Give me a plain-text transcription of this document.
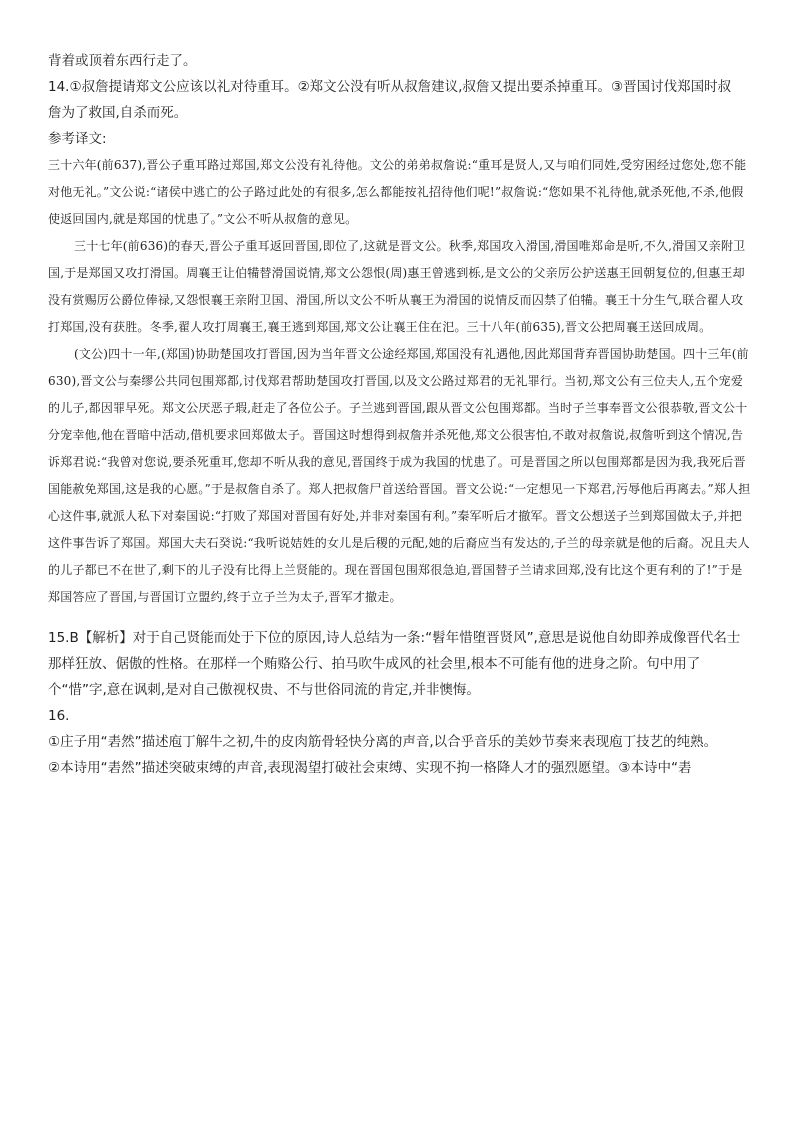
背着或顶着东西行走了。

14.①叔詹提请郑文公应该以礼对待重耳。②郑文公没有听从叔詹建议,叔詹又提出要杀掉重耳。③晋国讨伐郑国时叔

詹为了救国,自杀而死。

参考译文:

三十六年(前637),晋公子重耳路过郑国,郑文公没有礼待他。文公的弟弟叔詹说:“重耳是贤人,又与咱们同姓,受穷困经过您处,您不能对他无礼。”文公说:“诸侯中逃亡的公子路过此处的有很多,怎么都能按礼招待他们呢!”叔詹说:“您如果不礼待他,就杀死他,不杀,他假使返回国内,就是郑国的忧患了。”文公不听从叔詹的意见。

三十七年(前636)的春天,晋公子重耳返回晋国,即位了,这就是晋文公。秋季,郑国攻入滑国,滑国唯郑命是听,不久,滑国又亲附卫国,于是郑国又攻打滑国。周襄王让伯犕替滑国说情,郑文公怨恨(周)惠王曾逃到栎,是文公的父亲厉公护送惠王回朝复位的,但惠王却没有赏赐厉公爵位俸禄,又怨恨襄王亲附卫国、滑国,所以文公不听从襄王为滑国的说情反而囚禁了伯犕。襄王十分生气,联合翟人攻打郑国,没有获胜。冬季,翟人攻打周襄王,襄王逃到郑国,郑文公让襄王住在汜。三十八年(前635),晋文公把周襄王送回成周。

(文公)四十一年,(郑国)协助楚国攻打晋国,因为当年晋文公途经郑国,郑国没有礼遇他,因此郑国背弃晋国协助楚国。四十三年(前630),晋文公与秦缪公共同包围郑都,讨伐郑君帮助楚国攻打晋国,以及文公路过郑君的无礼罪行。当初,郑文公有三位夫人,五个宠爱的儿子,都因罪早死。郑文公厌恶子瑕,赶走了各位公子。子兰逃到晋国,跟从晋文公包围郑都。当时子兰事奉晋文公很恭敬,晋文公十分宠幸他,他在晋暗中活动,借机要求回郑做太子。晋国这时想得到叔詹并杀死他,郑文公很害怕,不敢对叔詹说,叔詹听到这个情况,告诉郑君说:“我曾对您说,要杀死重耳,您却不听从我的意见,晋国终于成为我国的忧患了。可是晋国之所以包围郑都是因为我,我死后晋国能赦免郑国,这是我的心愿。”于是叔詹自杀了。郑人把叔詹尸首送给晋国。晋文公说:“一定想见一下郑君,污辱他后再离去。”郑人担心这件事,就派人私下对秦国说:“打败了郑国对晋国有好处,并非对秦国有利。”秦军听后才撤军。晋文公想送子兰到郑国做太子,并把这件事告诉了郑国。郑国大夫石癸说:“我听说姞姓的女儿是后稷的元配,她的后裔应当有发达的,子兰的母亲就是他的后裔。况且夫人的儿子都已不在世了,剩下的儿子没有比得上兰贤能的。现在晋国包围郑很急迫,晋国替子兰请求回郑,没有比这个更有利的了!”于是郑国答应了晋国,与晋国订立盟约,终于立子兰为太子,晋军才撤走。

15.B【解析】对于自己贤能而处于下位的原因,诗人总结为一条:“髫年惜堕晋贤风”,意思是说他自幼即养成像晋代名士那样狂放、倨傲的性格。在那样一个贿赂公行、拍马吹牛成风的社会里,根本不可能有他的进身之阶。句中用了个“惜”字,意在讽刺,是对自己傲视权贵、不与世俗同流的肯定,并非懊悔。

16.

①庄子用“砉然”描述庖丁解牛之初,牛的皮肉筋骨轻快分离的声音,以合乎音乐的美妙节奏来表现庖丁技艺的纯熟。

②本诗用“砉然”描述突破束缚的声音,表现渴望打破社会束缚、实现不拘一格降人才的强烈愿望。③本诗中“砉
